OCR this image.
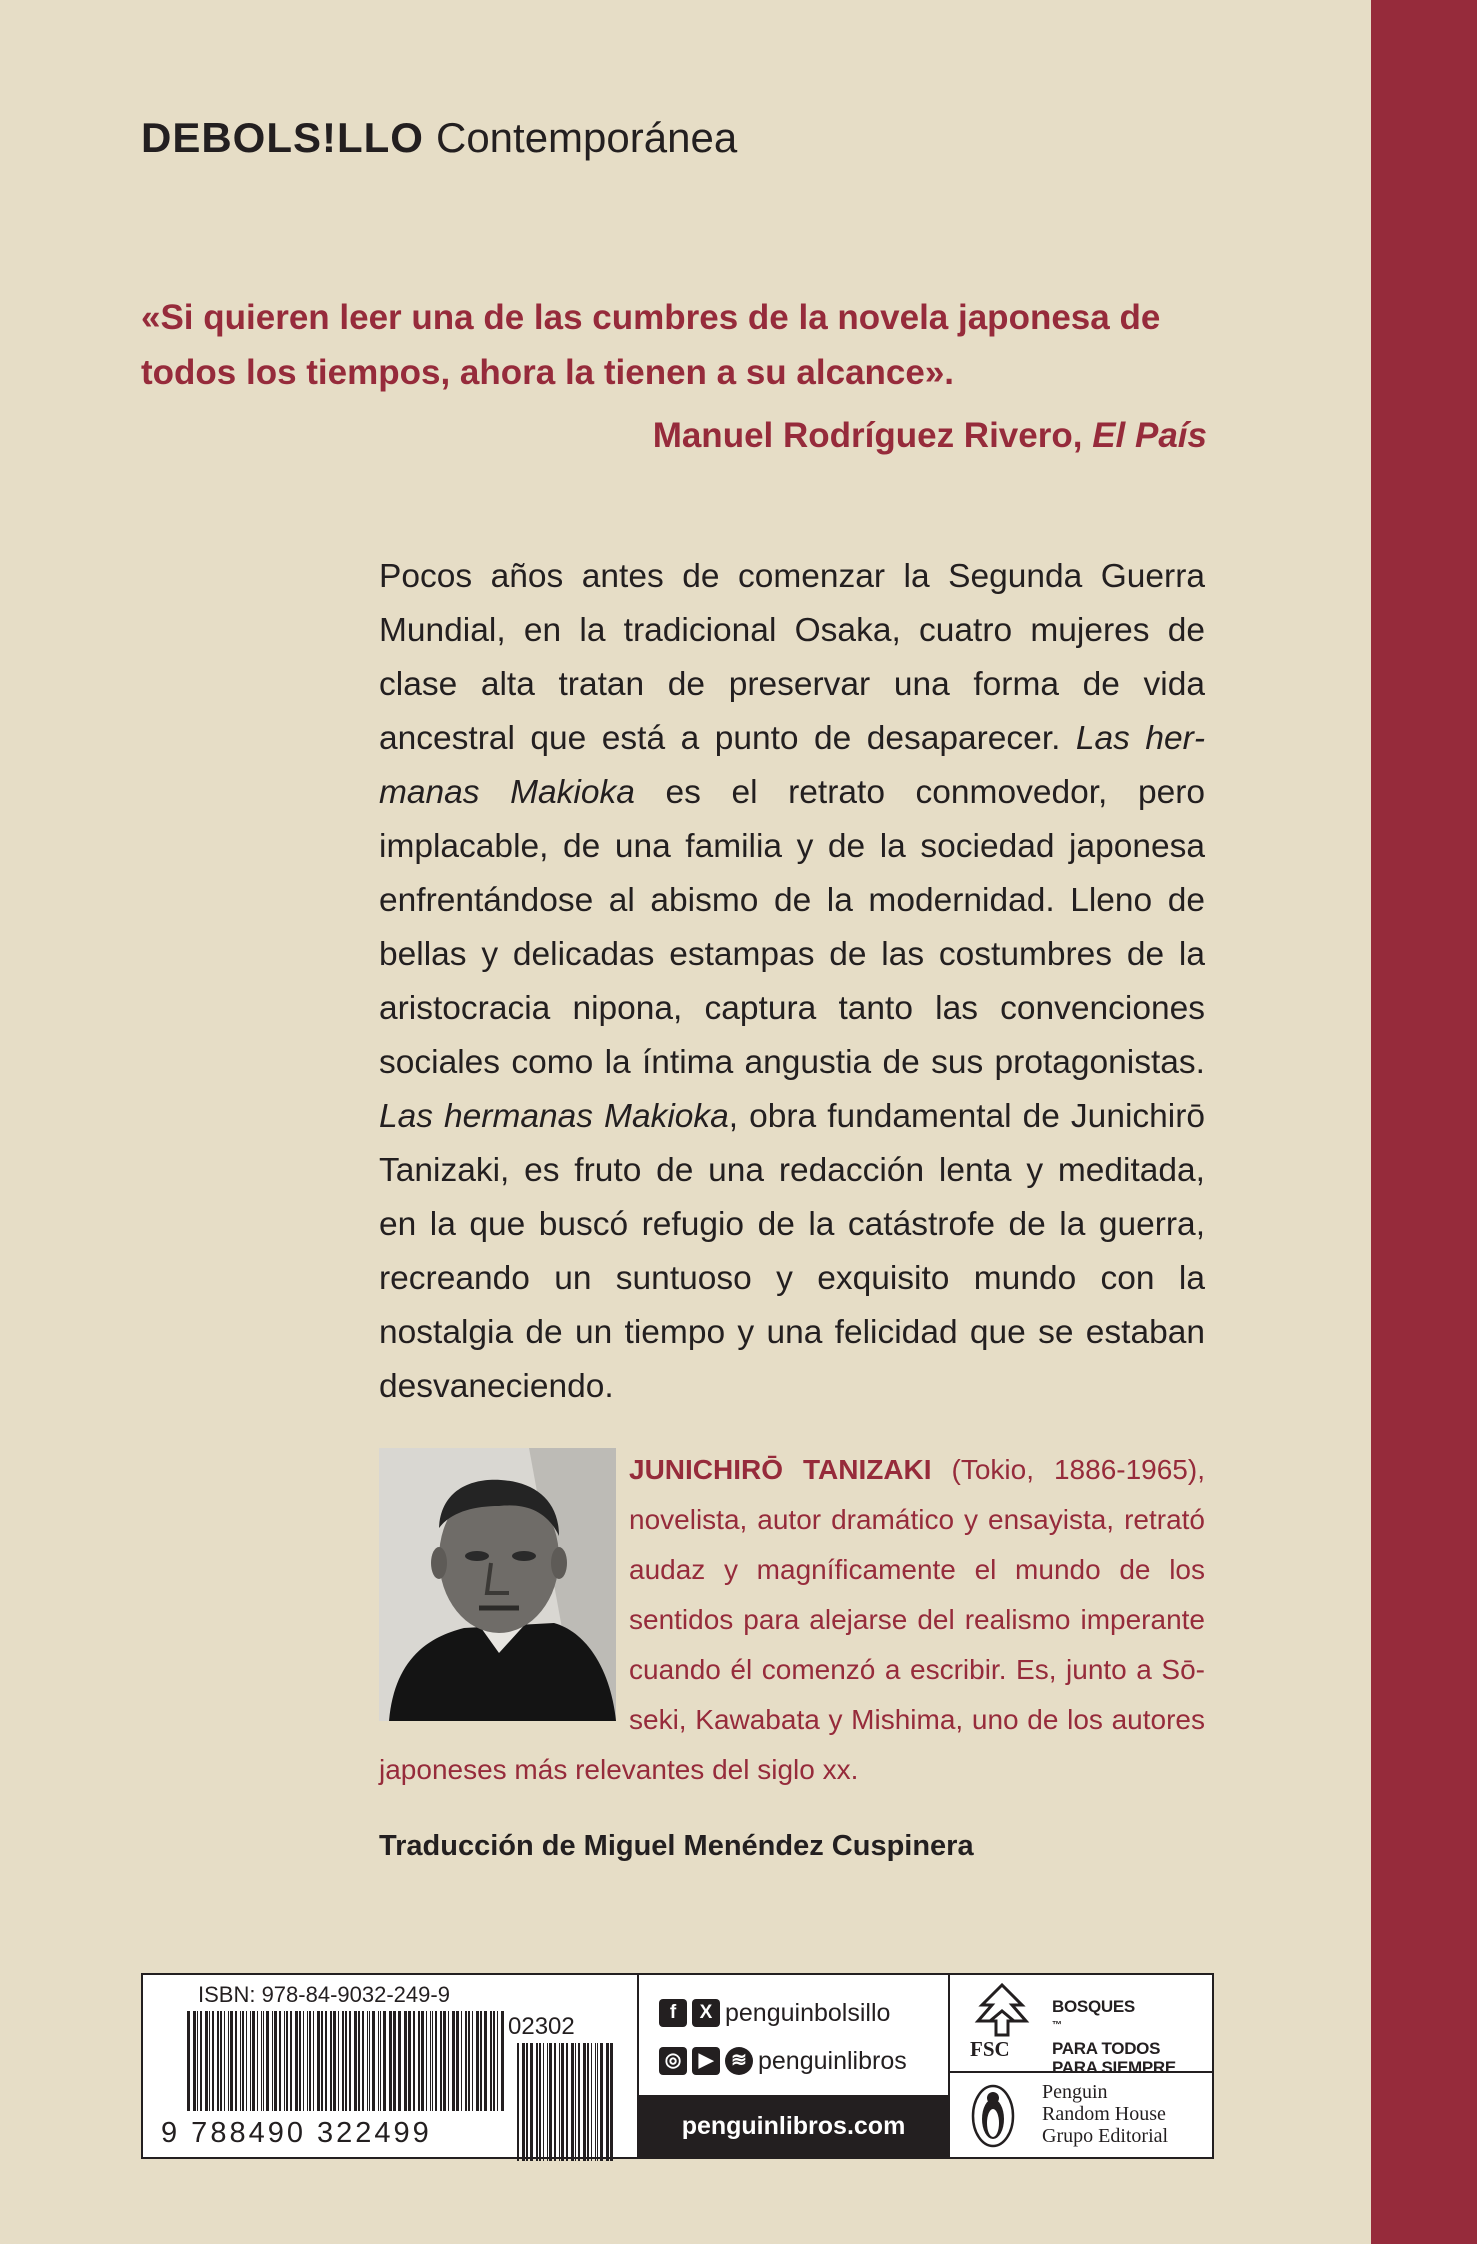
DEBOLS!LLO Contemporánea
«Si quieren leer una de las cumbres de la novela japonesa de todos los tiempos, ahora la tienen a su alcance».
Manuel Rodríguez Rivero, El País
Pocos años antes de comenzar la Segunda Guerra Mundial, en la tradicional Osaka, cuatro mujeres de clase alta tratan de preservar una forma de vida ancestral que está a punto de desaparecer. Las hermanas Makioka es el retrato conmovedor, pero implacable, de una familia y de la sociedad japonesa enfrentándose al abismo de la modernidad. Lleno de bellas y delicadas estampas de las costumbres de la aristocracia nipona, captura tanto las convenciones sociales como la íntima angustia de sus protagonistas. Las hermanas Makioka, obra fundamental de Junichirō Tanizaki, es fruto de una redacción lenta y meditada, en la que buscó refugio de la catástrofe de la guerra, recreando un suntuoso y exquisito mundo con la nostalgia de un tiempo y una felicidad que se estaban desvaneciendo.
JUNICHIRŌ TANIZAKI (Tokio, 1886-1965), novelista, autor dramático y ensayista, retrató audaz y magníficamente el mundo de los sentidos para alejarse del realismo imperante cuando él comenzó a escribir. Es, junto a Sōseki, Kawabata y Mishima, uno de los autores japoneses más relevantes del siglo xx.
Traducción de Miguel Menéndez Cuspinera
ISBN: 978-84-9032-249-9
02302
9 788490 322499
f	X penguinbolsillo
◎ ▶ ≋ penguinlibros
penguinlibros.com
FSC
BOSQUES
™
PARA TODOS
PARA SIEMPRE
Penguin
Random House
Grupo Editorial
